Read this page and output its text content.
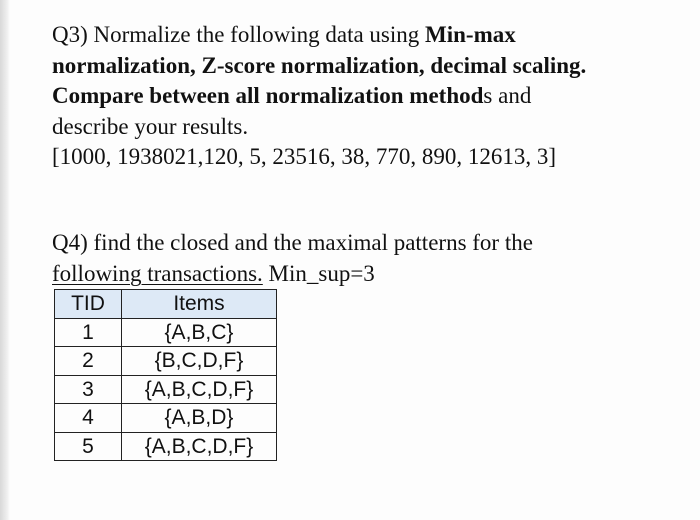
Q3) Normalize the following data using Min-max
normalization, Z-score normalization, decimal scaling.
Compare between all normalization methods and
describe your results.
[1000, 1938021,120, 5, 23516, 38, 770, 890, 12613, 3]
Q4) find the closed and the maximal patterns for the
following transactions. Min_sup=3
TID	Items
1	{A,B,C}
2	{B,C,D,F}
3	{A,B,C,D,F}
4	{A,B,D}
5	{A,B,C,D,F}
